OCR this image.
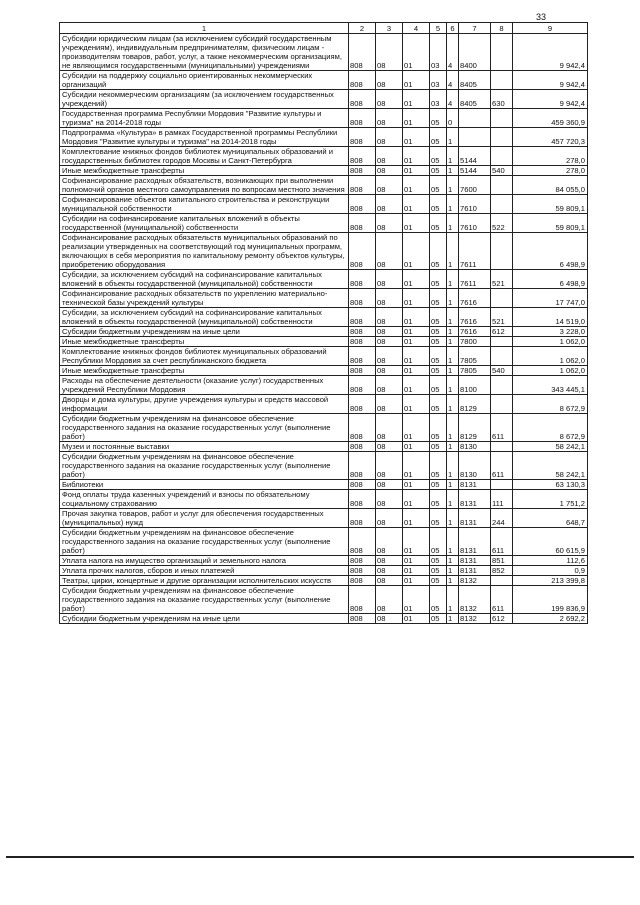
33
1	2	3	4	5	6	7	8	9
Субсидии юридическим лицам (за исключением субсидий государственным учреждениям), индивидуальным предпринимателям, физическим лицам - производителям товаров, работ, услуг, а также некоммерческим организациям, не являющимся государственными (муниципальными) учреждениями	808	08	01	03	4	8400		9 942,4
Субсидии на поддержку социально ориентированных некоммерческих организаций	808	08	01	03	4	8405		9 942,4
Субсидии некоммерческим организациям (за исключением государственных учреждений)	808	08	01	03	4	8405	630	9 942,4
Государственная программа Республики Мордовия "Развитие культуры и туризма" на 2014-2018 годы	808	08	01	05	0			459 360,9
Подпрограмма «Культура» в рамках Государственной программы Республики Мордовия "Развитие культуры и туризма" на 2014-2018 годы	808	08	01	05	1			457 720,3
Комплектование книжных фондов библиотек муниципальных образований и государственных библиотек городов Москвы и Санкт-Петербурга	808	08	01	05	1	5144		278,0
Иные межбюджетные трансферты	808	08	01	05	1	5144	540	278,0
Софинансирование расходных обязательств, возникающих при выполнении полномочий органов местного самоуправления по вопросам местного значения	808	08	01	05	1	7600		84 055,0
Софинансирование объектов капитального строительства и реконструкции муниципальной собственности	808	08	01	05	1	7610		59 809,1
Субсидии на софинансирование капитальных вложений в объекты государственной (муниципальной) собственности	808	08	01	05	1	7610	522	59 809,1
Софинансирование расходных обязательств муниципальных образований по реализации утвержденных на соответствующий год муниципальных программ, включающих в себя мероприятия по капитальному ремонту объектов культуры, приобретению оборудования	808	08	01	05	1	7611		6 498,9
Субсидии, за исключением субсидий на софинансирование капитальных вложений в объекты государственной (муниципальной) собственности	808	08	01	05	1	7611	521	6 498,9
Софинансирование расходных обязательств по укреплению материально-технической базы учреждений культуры	808	08	01	05	1	7616		17 747,0
Субсидии, за исключением субсидий на софинансирование капитальных вложений в объекты государственной (муниципальной) собственности	808	08	01	05	1	7616	521	14 519,0
Субсидии бюджетным учреждениям на иные цели	808	08	01	05	1	7616	612	3 228,0
Иные межбюджетные трансферты	808	08	01	05	1	7800		1 062,0
Комплектование книжных фондов библиотек муниципальных образований Республики Мордовия за счет республиканского бюджета	808	08	01	05	1	7805		1 062,0
Иные межбюджетные трансферты	808	08	01	05	1	7805	540	1 062,0
Расходы на обеспечение деятельности (оказание услуг) государственных учреждений Республики Мордовия	808	08	01	05	1	8100		343 445,1
Дворцы и дома культуры, другие учреждения культуры и средств массовой информации	808	08	01	05	1	8129		8 672,9
Субсидии бюджетным учреждениям на финансовое обеспечение государственного задания на оказание государственных услуг (выполнение работ)	808	08	01	05	1	8129	611	8 672,9
Музеи и постоянные выставки	808	08	01	05	1	8130		58 242,1
Субсидии бюджетным учреждениям на финансовое обеспечение государственного задания на оказание государственных услуг (выполнение работ)	808	08	01	05	1	8130	611	58 242,1
Библиотеки	808	08	01	05	1	8131		63 130,3
Фонд оплаты труда казенных учреждений и взносы по обязательному социальному страхованию	808	08	01	05	1	8131	111	1 751,2
Прочая закупка товаров, работ и услуг для обеспечения государственных (муниципальных) нужд	808	08	01	05	1	8131	244	648,7
Субсидии бюджетным учреждениям на финансовое обеспечение государственного задания на оказание государственных услуг (выполнение работ)	808	08	01	05	1	8131	611	60 615,9
Уплата налога на имущество организаций и земельного налога	808	08	01	05	1	8131	851	112,6
Уплата прочих налогов, сборов и иных платежей	808	08	01	05	1	8131	852	0,9
Театры, цирки, концертные и другие организации исполнительских искусств	808	08	01	05	1	8132		213 399,8
Субсидии бюджетным учреждениям на финансовое обеспечение государственного задания на оказание государственных услуг (выполнение работ)	808	08	01	05	1	8132	611	199 836,9
Субсидии бюджетным учреждениям на иные цели	808	08	01	05	1	8132	612	2 692,2
